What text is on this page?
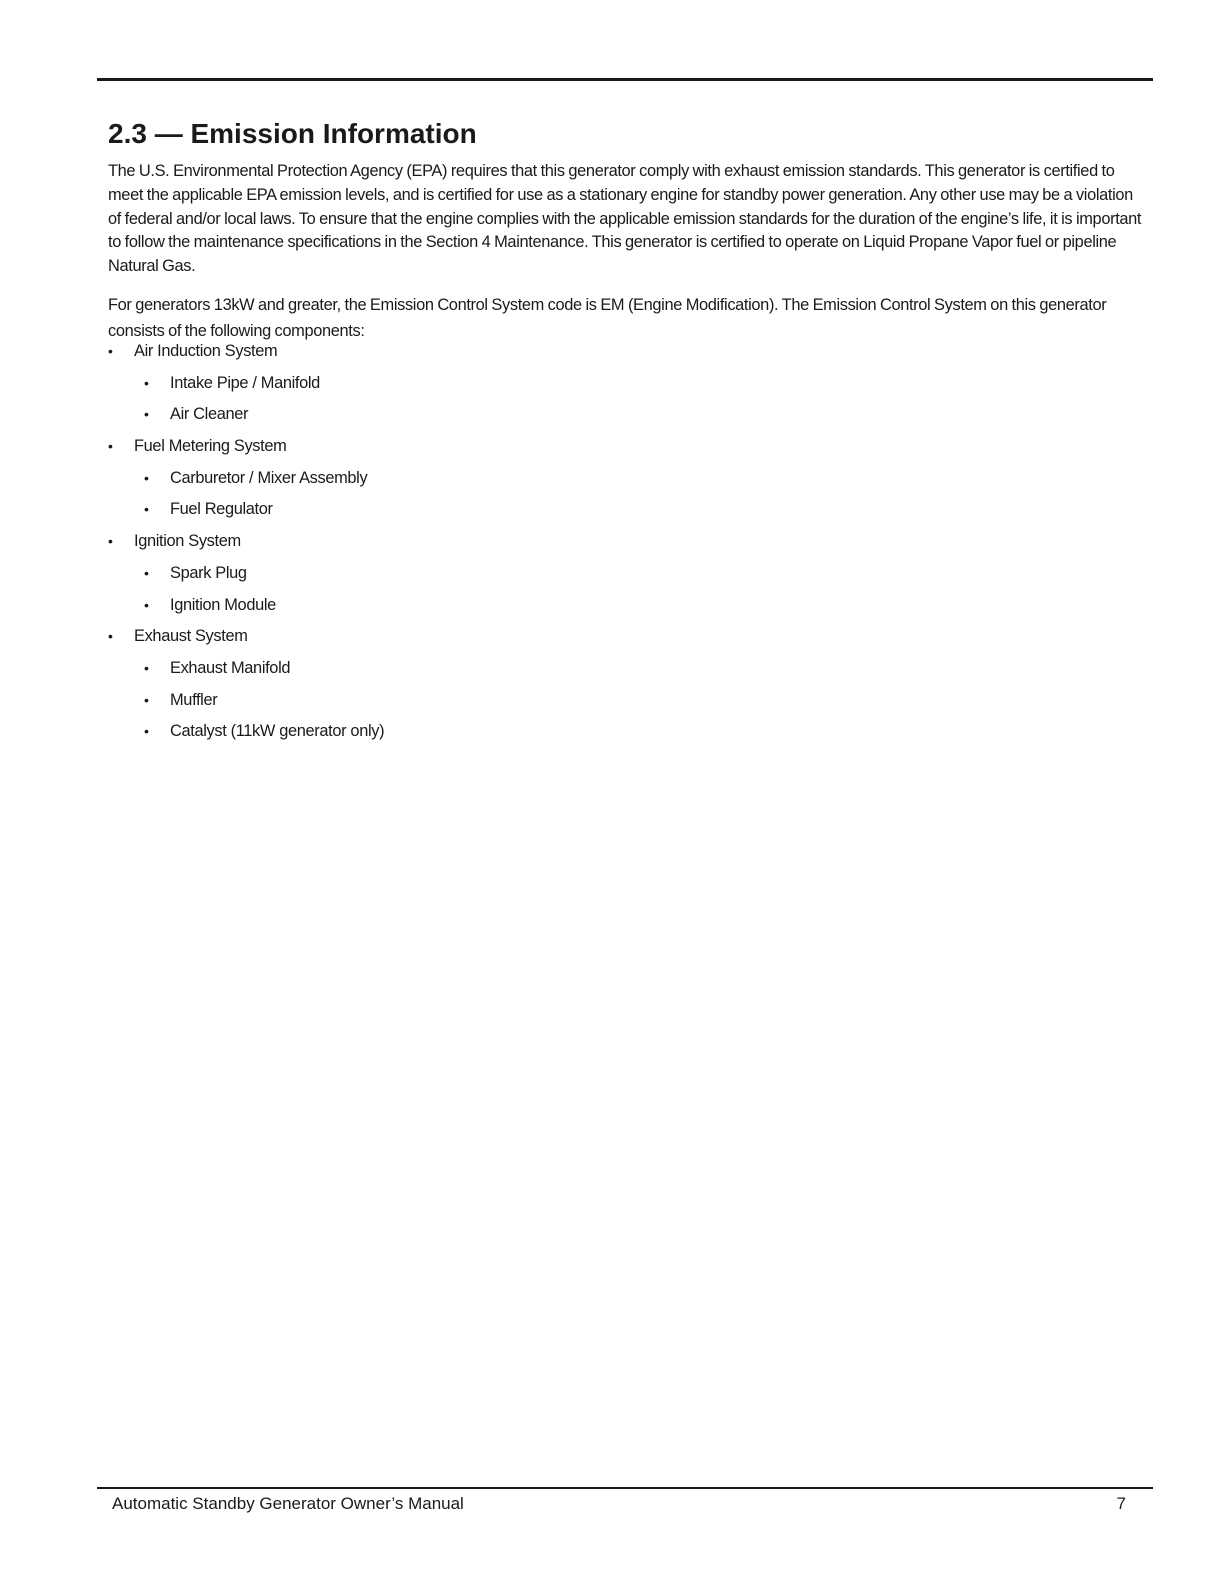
2.3 — Emission Information

The U.S. Environmental Protection Agency (EPA) requires that this generator comply with exhaust emission standards. This generator is certified to meet the applicable EPA emission levels, and is certified for use as a stationary engine for standby power generation. Any other use may be a violation of federal and/or local laws. To ensure that the engine complies with the applicable emission standards for the duration of the engine’s life, it is important to follow the maintenance specifications in the Section 4 Maintenance. This generator is certified to operate on Liquid Propane Vapor fuel or pipeline Natural Gas.

For generators 13kW and greater, the Emission Control System code is EM (Engine Modification). The Emission Control System on this generator consists of the following components:

• Air Induction System
• Intake Pipe / Manifold
• Air Cleaner
• Fuel Metering System
• Carburetor / Mixer Assembly
• Fuel Regulator
• Ignition System
• Spark Plug
• Ignition Module
• Exhaust System
• Exhaust Manifold
• Muffler
• Catalyst (11kW generator only)
Automatic Standby Generator Owner’s Manual	7
